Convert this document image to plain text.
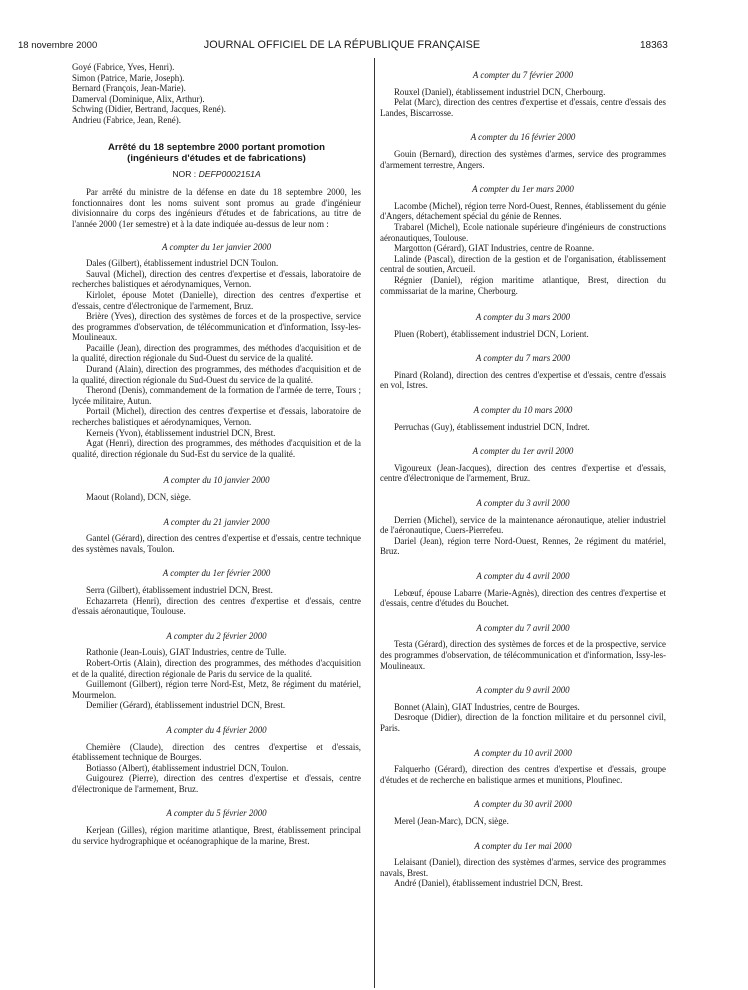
18 novembre 2000	JOURNAL OFFICIEL DE LA RÉPUBLIQUE FRANÇAISE	18363

Goyé (Fabrice, Yves, Henri).

Simon (Patrice, Marie, Joseph).

Bernard (François, Jean-Marie).

Damerval (Dominique, Alix, Arthur).

Schwing (Didier, Bertrand, Jacques, René).

Andrieu (Fabrice, Jean, René).

Arrêté du 18 septembre 2000 portant promotion

(ingénieurs d'études et de fabrications)

NOR : DEFP0002151A

Par arrêté du ministre de la défense en date du 18 septembre 2000, les fonctionnaires dont les noms suivent sont promus au grade d'ingénieur divisionnaire du corps des ingénieurs d'études et de fabrications, au titre de l'année 2000 (1er semestre) et à la date indiquée au-dessus de leur nom :

A compter du 1er janvier 2000

Dales (Gilbert), établissement industriel DCN Toulon.

Sauval (Michel), direction des centres d'expertise et d'essais, laboratoire de recherches balistiques et aérodynamiques, Vernon.

Kirlolet, épouse Motet (Danielle), direction des centres d'expertise et d'essais, centre d'électronique de l'armement, Bruz.

Brière (Yves), direction des systèmes de forces et de la prospective, service des programmes d'observation, de télécommunication et d'information, Issy-les-Moulineaux.

Pacaille (Jean), direction des programmes, des méthodes d'acquisition et de la qualité, direction régionale du Sud-Ouest du service de la qualité.

Durand (Alain), direction des programmes, des méthodes d'acquisition et de la qualité, direction régionale du Sud-Ouest du service de la qualité.

Therond (Denis), commandement de la formation de l'armée de terre, Tours ; lycée militaire, Autun.

Portail (Michel), direction des centres d'expertise et d'essais, laboratoire de recherches balistiques et aérodynamiques, Vernon.

Kerneis (Yvon), établissement industriel DCN, Brest.

Agat (Henri), direction des programmes, des méthodes d'acquisition et de la qualité, direction régionale du Sud-Est du service de la qualité.

A compter du 10 janvier 2000

Maout (Roland), DCN, siège.

A compter du 21 janvier 2000

Gantel (Gérard), direction des centres d'expertise et d'essais, centre technique des systèmes navals, Toulon.

A compter du 1er février 2000

Serra (Gilbert), établissement industriel DCN, Brest.

Echazarreta (Henri), direction des centres d'expertise et d'essais, centre d'essais aéronautique, Toulouse.

A compter du 2 février 2000

Rathonie (Jean-Louis), GIAT Industries, centre de Tulle.

Robert-Ortis (Alain), direction des programmes, des méthodes d'acquisition et de la qualité, direction régionale de Paris du service de la qualité.

Guillemont (Gilbert), région terre Nord-Est, Metz, 8e régiment du matériel, Mourmelon.

Demilier (Gérard), établissement industriel DCN, Brest.

A compter du 4 février 2000

Chemière (Claude), direction des centres d'expertise et d'essais, établissement technique de Bourges.

Botiasso (Albert), établissement industriel DCN, Toulon.

Guigourez (Pierre), direction des centres d'expertise et d'essais, centre d'électronique de l'armement, Bruz.

A compter du 5 février 2000

Kerjean (Gilles), région maritime atlantique, Brest, établissement principal du service hydrographique et océanographique de la marine, Brest.

A compter du 7 février 2000

Rouxel (Daniel), établissement industriel DCN, Cherbourg.

Pelat (Marc), direction des centres d'expertise et d'essais, centre d'essais des Landes, Biscarrosse.

A compter du 16 février 2000

Gouin (Bernard), direction des systèmes d'armes, service des programmes d'armement terrestre, Angers.

A compter du 1er mars 2000

Lacombe (Michel), région terre Nord-Ouest, Rennes, établissement du génie d'Angers, détachement spécial du génie de Rennes.

Trabarel (Michel), Ecole nationale supérieure d'ingénieurs de constructions aéronautiques, Toulouse.

Margotton (Gérard), GIAT Industries, centre de Roanne.

Lalinde (Pascal), direction de la gestion et de l'organisation, établissement central de soutien, Arcueil.

Régnier (Daniel), région maritime atlantique, Brest, direction du commissariat de la marine, Cherbourg.

A compter du 3 mars 2000

Pluen (Robert), établissement industriel DCN, Lorient.

A compter du 7 mars 2000

Pinard (Roland), direction des centres d'expertise et d'essais, centre d'essais en vol, Istres.

A compter du 10 mars 2000

Perruchas (Guy), établissement industriel DCN, Indret.

A compter du 1er avril 2000

Vigoureux (Jean-Jacques), direction des centres d'expertise et d'essais, centre d'électronique de l'armement, Bruz.

A compter du 3 avril 2000

Derrien (Michel), service de la maintenance aéronautique, atelier industriel de l'aéronautique, Cuers-Pierrefeu.

Dariel (Jean), région terre Nord-Ouest, Rennes, 2e régiment du matériel, Bruz.

A compter du 4 avril 2000

Lebœuf, épouse Labarre (Marie-Agnès), direction des centres d'expertise et d'essais, centre d'études du Bouchet.

A compter du 7 avril 2000

Testa (Gérard), direction des systèmes de forces et de la prospective, service des programmes d'observation, de télécommunication et d'information, Issy-les-Moulineaux.

A compter du 9 avril 2000

Bonnet (Alain), GIAT Industries, centre de Bourges.

Desroque (Didier), direction de la fonction militaire et du personnel civil, Paris.

A compter du 10 avril 2000

Falquerho (Gérard), direction des centres d'expertise et d'essais, groupe d'études et de recherche en balistique armes et munitions, Ploufinec.

A compter du 30 avril 2000

Merel (Jean-Marc), DCN, siège.

A compter du 1er mai 2000

Lelaisant (Daniel), direction des systèmes d'armes, service des programmes navals, Brest.

André (Daniel), établissement industriel DCN, Brest.
